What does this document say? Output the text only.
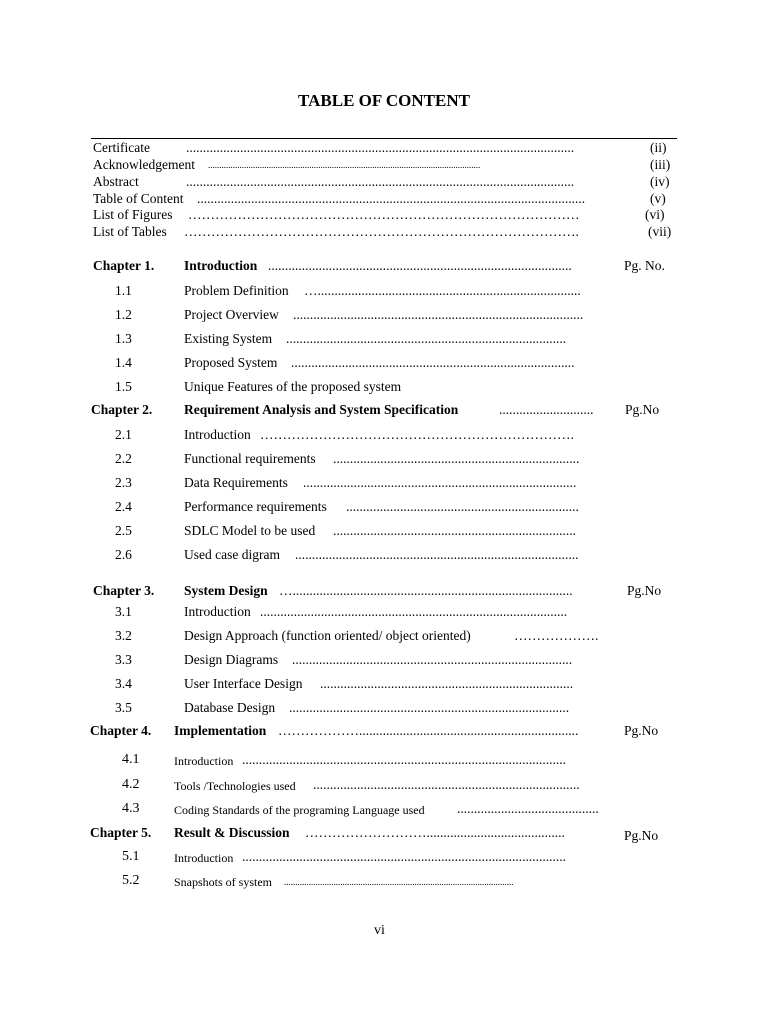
TABLE OF CONTENT
Certificate	...................................................................................................................	(ii)
Acknowledgement .........................................................................................................................	(iii)
Abstract	...................................................................................................................	(iv)
Table of Content ...................................................................................................................	(v)
List of Figures ……………………………………………………………………………	(vi)
List of Tables …………………………………………………………………………….	(vii)
Chapter 1. Introduction ..........................................................................................	Pg. No.
1.1	Problem Definition …..............................................................................
1.2	Project Overview ......................................................................................
1.3	Existing System ...................................................................................
1.4	Proposed System ....................................................................................
1.5	Unique Features of the proposed system
Chapter 2. Requirement Analysis and System Specification	............................	Pg.No
2.1	Introduction …………………………………………………………….
2.2	Functional requirements .........................................................................
2.3	Data Requirements .................................................................................
2.4	Performance requirements .....................................................................
2.5	SDLC Model to be used ........................................................................
2.6	Used case digram ....................................................................................
Chapter 3. System Design …...................................................................................	Pg.No
3.1	Introduction ...........................................................................................
3.2	Design Approach (function oriented/ object oriented)	……………….
3.3	Design Diagrams ...................................................................................
3.4	User Interface Design ...........................................................................
3.5	Database Design ...................................................................................
Chapter 4. Implementation ……………….................................................................	Pg.No
4.1	Introduction ................................................................................................
4.2	Tools /Technologies used ...............................................................................
4.3	Coding Standards of the programing Language used ..........................................
Chapter 5. Result & Discussion ……………………….........................................	Pg.No
5.1	Introduction ................................................................................................
5.2	Snapshots of system ......................................................................................................
vi
